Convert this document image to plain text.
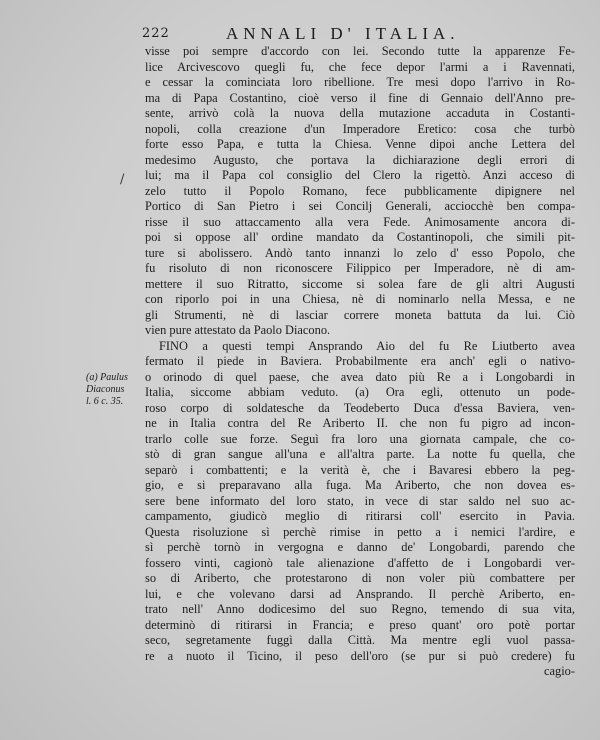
222	ANNALI D' ITALIA.
/
(a) Paulus
Diaconus
l. 6 c. 35.
visse poi sempre d'accordo con lei. Secondo tutte la apparenze Fe-
lice Arcivescovo quegli fu, che fece depor l'armi a i Ravennati,
e cessar la cominciata loro ribellione. Tre mesi dopo l'arrivo in Ro-
ma di Papa Costantino, cioè verso il fine di Gennaio dell'Anno pre-
sente, arrivò colà la nuova della mutazione accaduta in Costanti-
nopoli, colla creazione d'un Imperadore Eretico: cosa che turbò
forte esso Papa, e tutta la Chiesa. Venne dipoi anche Lettera del
medesimo Augusto, che portava la dichiarazione degli errori di
lui; ma il Papa col consiglio del Clero la rigettò. Anzi acceso di
zelo tutto il Popolo Romano, fece pubblicamente dipignere nel
Portico di San Pietro i sei Concilj Generali, acciocchè ben compa-
risse il suo attaccamento alla vera Fede. Animosamente ancora di-
poi si oppose all' ordine mandato da Costantinopoli, che simili pit-
ture si abolissero. Andò tanto innanzi lo zelo d' esso Popolo, che
fu risoluto di non riconoscere Filippico per Imperadore, nè di am-
mettere il suo Ritratto, siccome si solea fare de gli altri Augusti
con riporlo poi in una Chiesa, nè di nominarlo nella Messa, e ne
gli Strumenti, nè di lasciar correre moneta battuta da lui. Ciò
vien pure attestato da Paolo Diacono.
FINO a questi tempi Ansprando Aio del fu Re Liutberto avea
fermato il piede in Baviera. Probabilmente era anch' egli o nativo-
o orinodo di quel paese, che avea dato più Re a i Longobardi in
Italia, siccome abbiam veduto. (a) Ora egli, ottenuto un pode-
roso corpo di soldatesche da Teodeberto Duca d'essa Baviera, ven-
ne in Italia contra del Re Ariberto II. che non fu pigro ad incon-
trarlo colle sue forze. Seguì fra loro una giornata campale, che co-
stò di gran sangue all'una e all'altra parte. La notte fu quella, che
separò i combattenti; e la verità è, che i Bavaresi ebbero la peg-
gio, e si preparavano alla fuga. Ma Ariberto, che non dovea es-
sere bene informato del loro stato, in vece di star saldo nel suo ac-
campamento, giudicò meglio di ritirarsi coll' esercito in Pavia.
Questa risoluzione sì perchè rimise in petto a i nemici l'ardire, e
sì perchè tornò in vergogna e danno de' Longobardi, parendo che
fossero vinti, cagionò tale alienazione d'affetto de i Longobardi ver-
so di Ariberto, che protestarono di non voler più combattere per
lui, e che volevano darsi ad Ansprando. Il perchè Ariberto, en-
trato nell' Anno dodicesimo del suo Regno, temendo di sua vita,
determinò di ritirarsi in Francia; e preso quant' oro potè portar
seco, segretamente fuggì dalla Città. Ma mentre egli vuol passa-
re a nuoto il Ticino, il peso dell'oro (se pur si può credere) fu
cagio-
